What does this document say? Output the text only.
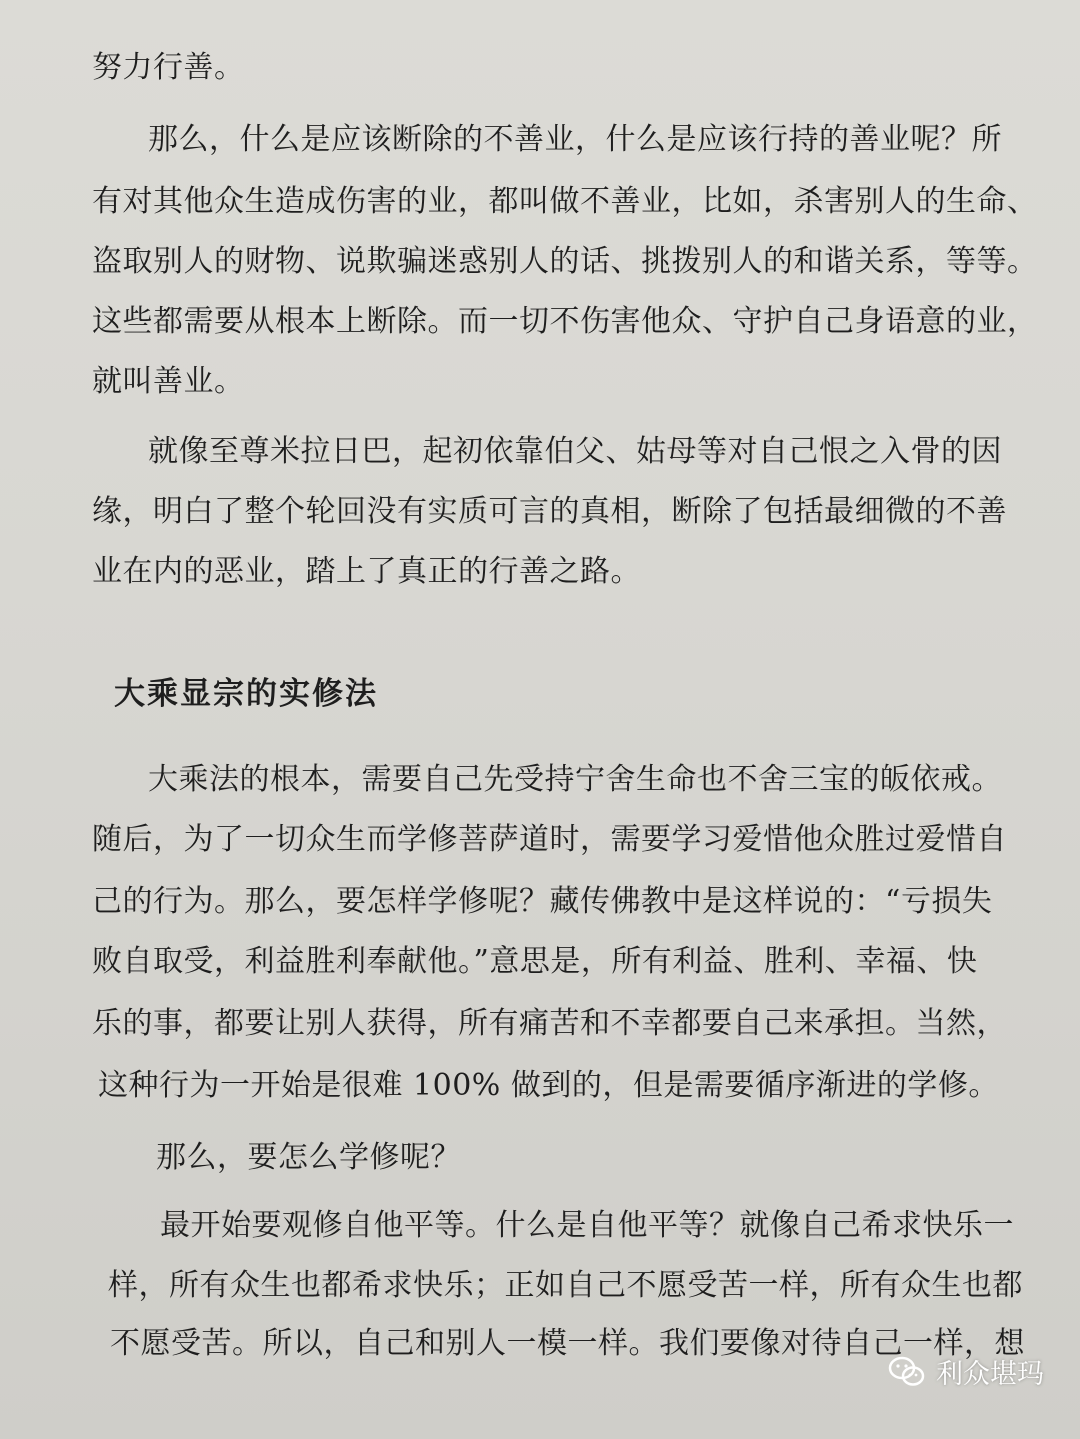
努力行善。
那么，什么是应该断除的不善业，什么是应该行持的善业呢？所
有对其他众生造成伤害的业，都叫做不善业，比如，杀害别人的生命、
盗取别人的财物、说欺骗迷惑别人的话、挑拨别人的和谐关系，等等。
这些都需要从根本上断除。而一切不伤害他众、守护自己身语意的业，
就叫善业。
就像至尊米拉日巴，起初依靠伯父、姑母等对自己恨之入骨的因
缘，明白了整个轮回没有实质可言的真相，断除了包括最细微的不善
业在内的恶业，踏上了真正的行善之路。
大乘显宗的实修法
大乘法的根本，需要自己先受持宁舍生命也不舍三宝的皈依戒。
随后，为了一切众生而学修菩萨道时，需要学习爱惜他众胜过爱惜自
己的行为。那么，要怎样学修呢？藏传佛教中是这样说的：“亏损失
败自取受，利益胜利奉献他。”意思是，所有利益、胜利、幸福、快
乐的事，都要让别人获得，所有痛苦和不幸都要自己来承担。当然，
这种行为一开始是很难 100% 做到的，但是需要循序渐进的学修。
那么，要怎么学修呢？
最开始要观修自他平等。什么是自他平等？就像自己希求快乐一
样，所有众生也都希求快乐；正如自己不愿受苦一样，所有众生也都
不愿受苦。所以，自己和别人一模一样。我们要像对待自己一样，想
利众堪玛
